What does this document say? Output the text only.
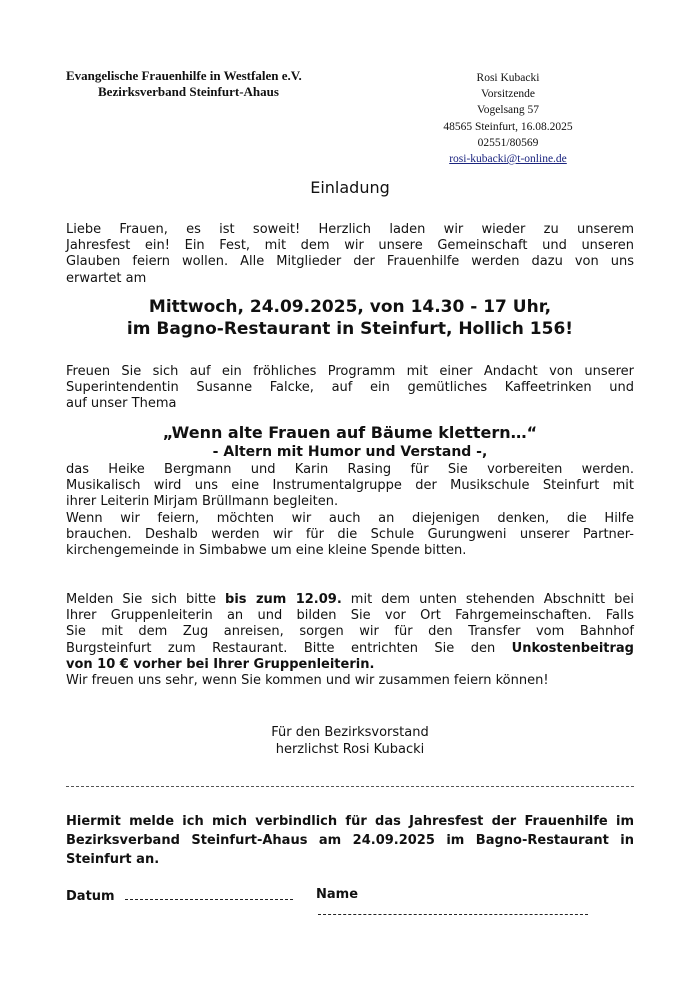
Evangelische Frauenhilfe in Westfalen e.V.
Bezirksverband Steinfurt-Ahaus
Rosi Kubacki
Vorsitzende
Vogelsang 57
48565 Steinfurt, 16.08.2025
02551/80569
rosi-kubacki@t-online.de
Einladung
Liebe Frauen, es ist soweit! Herzlich laden wir wieder zu unserem
Jahresfest ein! Ein Fest, mit dem wir unsere Gemeinschaft und unseren
Glauben feiern wollen. Alle Mitglieder der Frauenhilfe werden dazu von uns
erwartet am
Mittwoch, 24.09.2025, von 14.30 - 17 Uhr,
im Bagno-Restaurant in Steinfurt, Hollich 156!
Freuen Sie sich auf ein fröhliches Programm mit einer Andacht von unserer
Superintendentin Susanne Falcke, auf ein gemütliches Kaffeetrinken und
auf unser Thema
„Wenn alte Frauen auf Bäume klettern…“
- Altern mit Humor und Verstand -,
das Heike Bergmann und Karin Rasing für Sie vorbereiten werden.
Musikalisch wird uns eine Instrumentalgruppe der Musikschule Steinfurt mit
ihrer Leiterin Mirjam Brüllmann begleiten.
Wenn wir feiern, möchten wir auch an diejenigen denken, die Hilfe
brauchen. Deshalb werden wir für die Schule Gurungweni unserer Partner-
kirchengemeinde in Simbabwe um eine kleine Spende bitten.
Melden Sie sich bitte bis zum 12.09. mit dem unten stehenden Abschnitt bei
Ihrer Gruppenleiterin an und bilden Sie vor Ort Fahrgemeinschaften. Falls
Sie mit dem Zug anreisen, sorgen wir für den Transfer vom Bahnhof
Burgsteinfurt zum Restaurant. Bitte entrichten Sie den Unkostenbeitrag
von 10 € vorher bei Ihrer Gruppenleiterin.
Wir freuen uns sehr, wenn Sie kommen und wir zusammen feiern können!
Für den Bezirksvorstand
herzlichst Rosi Kubacki
Hiermit melde ich mich verbindlich für das Jahresfest der Frauenhilfe im
Bezirksverband Steinfurt-Ahaus am 24.09.2025 im Bagno-Restaurant in
Steinfurt an.
Datum	Name
